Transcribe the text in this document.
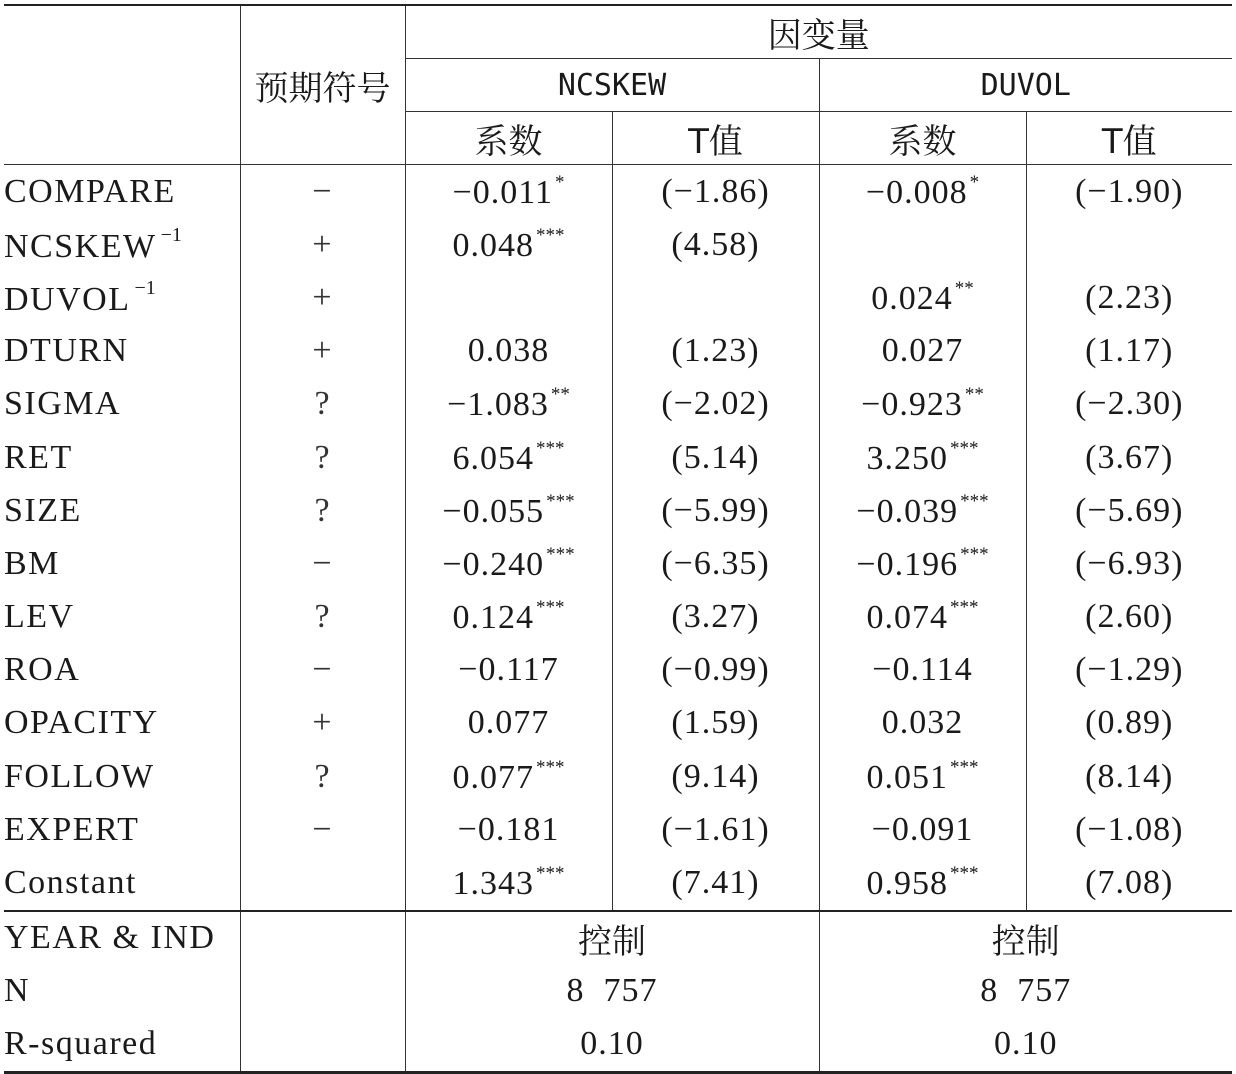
	预期符号	因变量			
		NCSKEW		DUVOL	
		系数	T值	系数	T值
COMPARE	−	−0.011 *	(−1.86)	−0.008 *	(−1.90)
NCSKEW $^{-1}$	+	0.048 ***	(4.58)		
DUVOL $^{-1}$	+			0.024 **	(2.23)
DTURN	+	0.038	(1.23)	0.027	(1.17)
SIGMA	?	−1.083 **	(−2.02)	−0.923 **	(−2.30)
RET	?	6.054 ***	(5.14)	3.250 ***	(3.67)
SIZE	?	−0.055 ***	(−5.99)	−0.039 ***	(−5.69)
BM	−	−0.240 ***	(−6.35)	−0.196 ***	(−6.93)
LEV	?	0.124 ***	(3.27)	0.074 ***	(2.60)
ROA	−	−0.117	(−0.99)	−0.114	(−1.29)
OPACITY	+	0.077	(1.59)	0.032	(0.89)
FOLLOW	?	0.077 ***	(9.14)	0.051 ***	(8.14)
EXPERT	−	−0.181	(−1.61)	−0.091	(−1.08)
Constant		1.343 ***	(7.41)	0.958 ***	(7.08)
YEAR & IND		控制		控制	
N		8  757		8  757	
R-squared		0.10		0.10	
